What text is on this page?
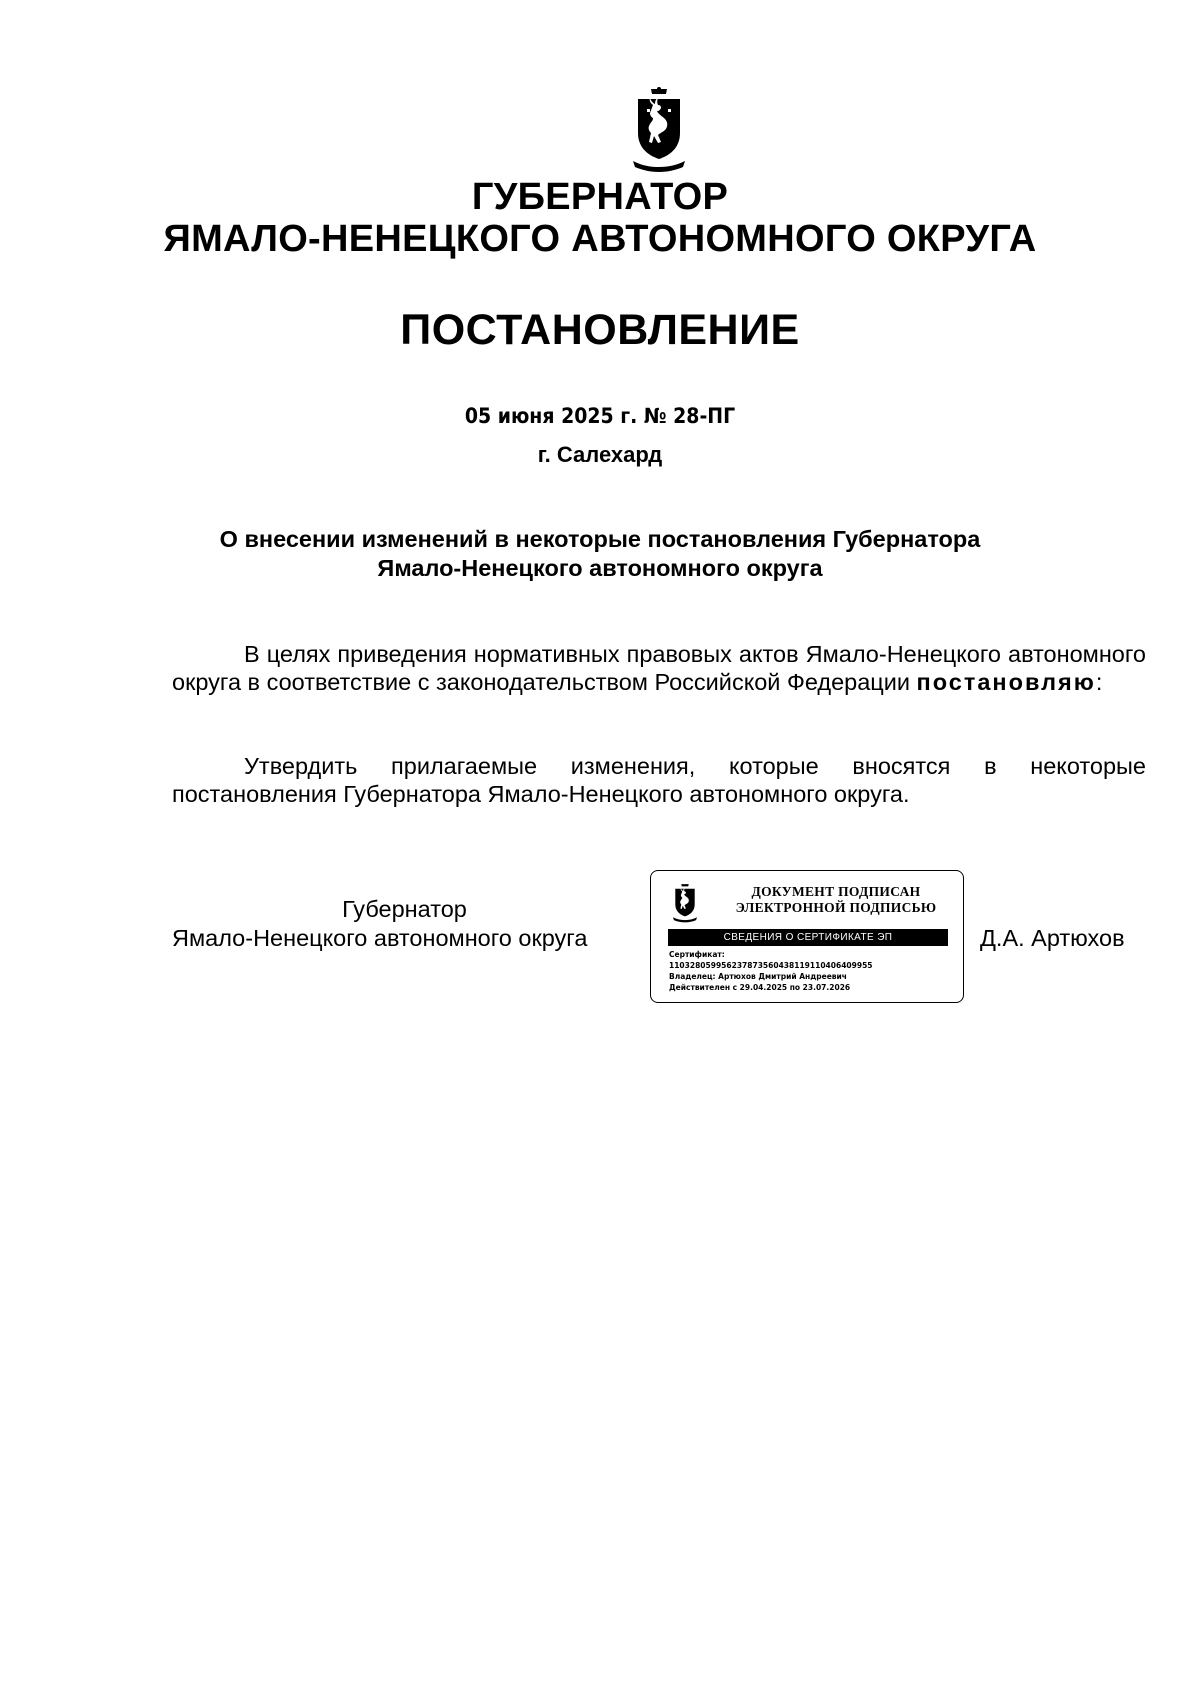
ГУБЕРНАТОР
ЯМАЛО-НЕНЕЦКОГО АВТОНОМНОГО ОКРУГА
ПОСТАНОВЛЕНИЕ
05 июня 2025 г. № 28-ПГ
г. Салехард
О внесении изменений в некоторые постановления Губернатора
Ямало-Ненецкого автономного округа
В целях приведения нормативных правовых актов Ямало-Ненецкого автономного округа в соответствие с законодательством Российской Федерации постановляю:
Утвердить прилагаемые изменения, которые вносятся в некоторые постановления Губернатора Ямало-Ненецкого автономного округа.
Губернатор
Ямало-Ненецкого автономного округа
ДОКУМЕНТ ПОДПИСАН
ЭЛЕКТРОННОЙ ПОДПИСЬЮ
СВЕДЕНИЯ О СЕРТИФИКАТЕ ЭП
Сертификат:
110328059956237873560438119110406409955
Владелец: Артюхов Дмитрий Андреевич
Действителен с 29.04.2025 по 23.07.2026
Д.А. Артюхов
